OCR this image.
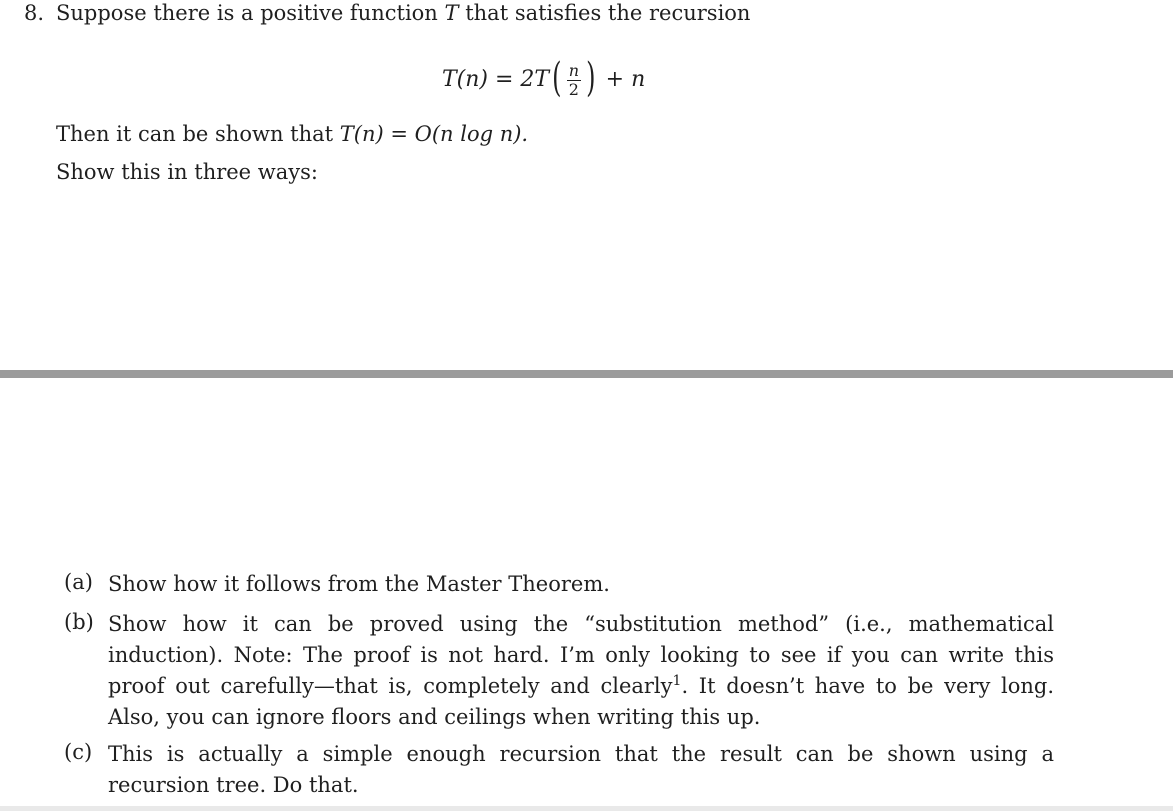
8. Suppose there is a positive function T that satisfies the recursion
T(n) = 2T ( $\frac{n}{2}$ )
+ n
Then it can be shown that T(n) = O(n log n).
Show this in three ways:
(a) Show how it follows from the Master Theorem.
(b) Show how it can be proved using the “substitution method” (i.e., mathematical induction). Note: The proof is not hard. I’m only looking to see if you can write this proof out carefully—that is, completely and clearly$^1$. It doesn’t have to be very long. Also, you can ignore floors and ceilings when writing this up.
(c) This is actually a simple enough recursion that the result can be shown using a recursion tree. Do that.
